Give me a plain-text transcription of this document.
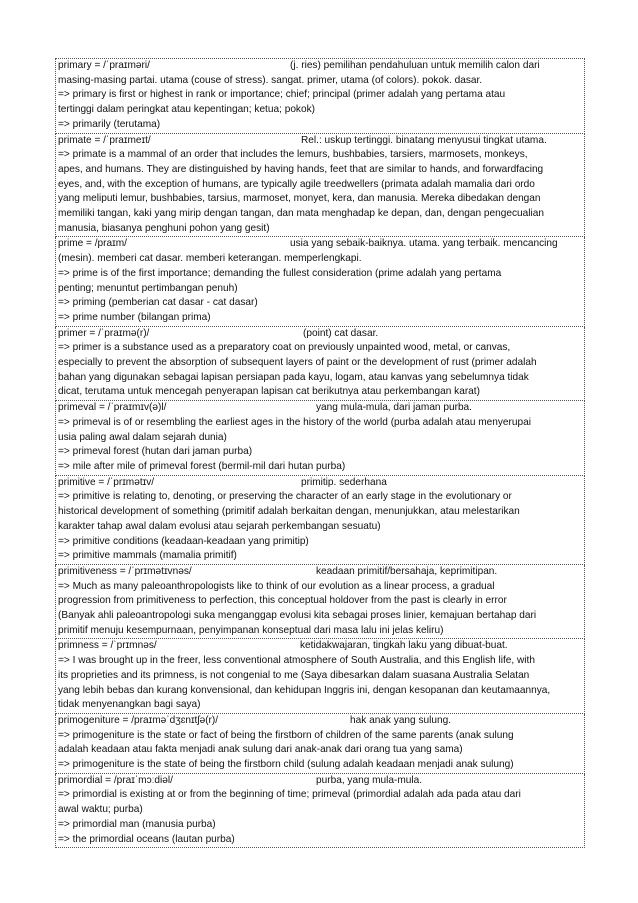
primary = /ˈpraɪməri/	(j. ries) pemilihan pendahuluan untuk memilih calon dari
masing-masing partai. utama (couse of stress). sangat. primer, utama (of colors). pokok. dasar.
=> primary is first or highest in rank or importance; chief; principal (primer adalah yang pertama atau
tertinggi dalam peringkat atau kepentingan; ketua; pokok)
=> primarily (terutama)
primate = /ˈpraɪmeɪt/	Rel.: uskup tertinggi. binatang menyusui tingkat utama.
=> primate is a mammal of an order that includes the lemurs, bushbabies, tarsiers, marmosets, monkeys,
apes, and humans. They are distinguished by having hands, feet that are similar to hands, and forwardfacing
eyes, and, with the exception of humans, are typically agile treedwellers (primata adalah mamalia dari ordo
yang meliputi lemur, bushbabies, tarsius, marmoset, monyet, kera, dan manusia. Mereka dibedakan dengan
memiliki tangan, kaki yang mirip dengan tangan, dan mata menghadap ke depan, dan, dengan pengecualian
manusia, biasanya penghuni pohon yang gesit)
prime = /praɪm/	usia yang sebaik-baiknya. utama. yang terbaik. mencancing
(mesin). memberi cat dasar. memberi keterangan. memperlengkapi.
=> prime is of the first importance; demanding the fullest consideration (prime adalah yang pertama
penting; menuntut pertimbangan penuh)
=> priming (pemberian cat dasar - cat dasar)
=> prime number (bilangan prima)
primer = /ˈpraɪmə(r)/	(point) cat dasar.
=> primer is a substance used as a preparatory coat on previously unpainted wood, metal, or canvas,
especially to prevent the absorption of subsequent layers of paint or the development of rust (primer adalah
bahan yang digunakan sebagai lapisan persiapan pada kayu, logam, atau kanvas yang sebelumnya tidak
dicat, terutama untuk mencegah penyerapan lapisan cat berikutnya atau perkembangan karat)
primeval = /ˈpraɪmɪv(ə)l/	yang mula-mula, dari jaman purba.
=> primeval is of or resembling the earliest ages in the history of the world (purba adalah atau menyerupai
usia paling awal dalam sejarah dunia)
=> primeval forest (hutan dari jaman purba)
=> mile after mile of primeval forest (bermil-mil dari hutan purba)
primitive = /ˈprɪmətɪv/	primitip. sederhana
=> primitive is relating to, denoting, or preserving the character of an early stage in the evolutionary or
historical development of something (primitif adalah berkaitan dengan, menunjukkan, atau melestarikan
karakter tahap awal dalam evolusi atau sejarah perkembangan sesuatu)
=> primitive conditions (keadaan-keadaan yang primitip)
=> primitive mammals (mamalia primitif)
primitiveness = /ˈprɪmətɪvnəs/	keadaan primitif/bersahaja, keprimitipan.
=> Much as many paleoanthropologists like to think of our evolution as a linear process, a gradual
progression from primitiveness to perfection, this conceptual holdover from the past is clearly in error
(Banyak ahli paleoantropologi suka menganggap evolusi kita sebagai proses linier, kemajuan bertahap dari
primitif menuju kesempurnaan, penyimpanan konseptual dari masa lalu ini jelas keliru)
primness = /ˈprɪmnəs/	ketidakwajaran, tingkah laku yang dibuat-buat.
=> I was brought up in the freer, less conventional atmosphere of South Australia, and this English life, with
its proprieties and its primness, is not congenial to me (Saya dibesarkan dalam suasana Australia Selatan
yang lebih bebas dan kurang konvensional, dan kehidupan Inggris ini, dengan kesopanan dan keutamaannya,
tidak menyenangkan bagi saya)
primogeniture = /praɪməˈdʒɛnɪtʃə(r)/	hak anak yang sulung.
=> primogeniture is the state or fact of being the firstborn of children of the same parents (anak sulung
adalah keadaan atau fakta menjadi anak sulung dari anak-anak dari orang tua yang sama)
=> primogeniture is the state of being the firstborn child (sulung adalah keadaan menjadi anak sulung)
primordial = /praɪˈmɔːdiəl/	purba, yang mula-mula.
=> primordial is existing at or from the beginning of time; primeval (primordial adalah ada pada atau dari
awal waktu; purba)
=> primordial man (manusia purba)
=> the primordial oceans (lautan purba)
